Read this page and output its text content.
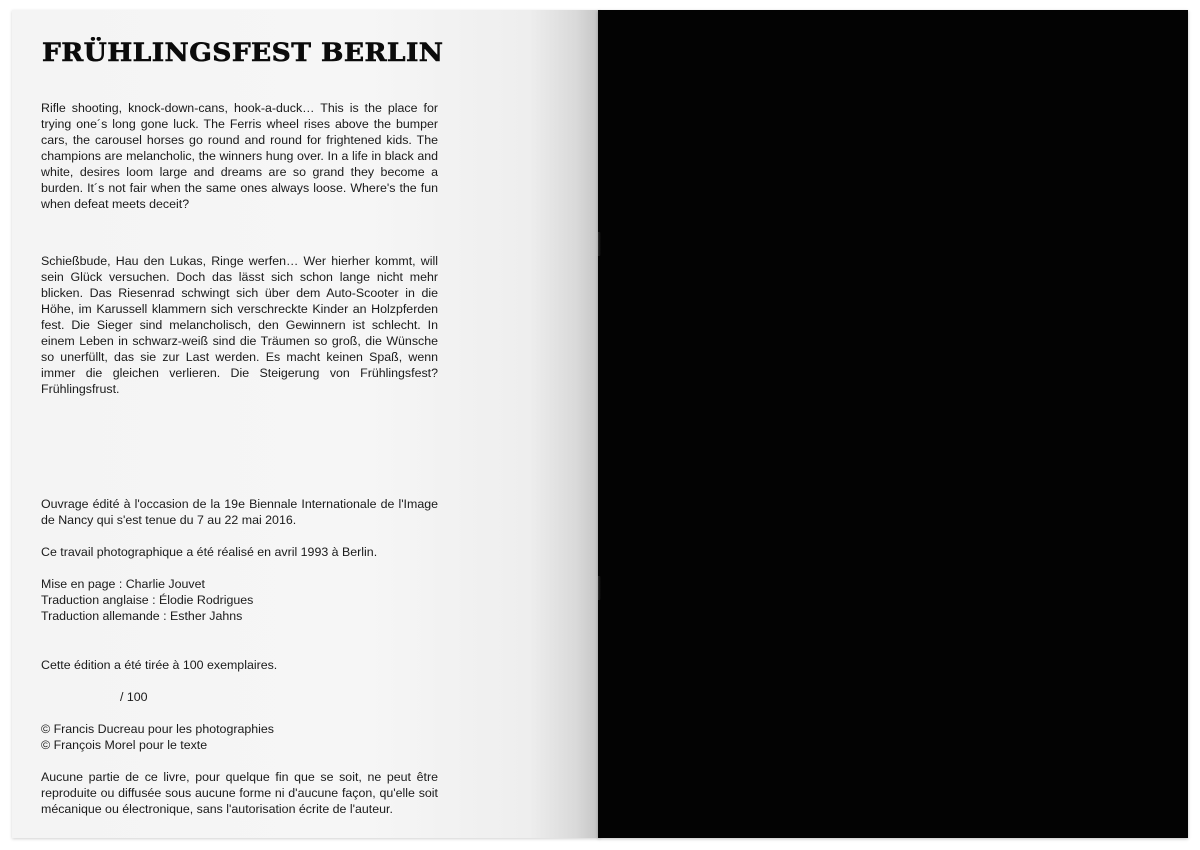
FRÜHLINGSFEST BERLIN

Rifle shooting, knock-down-cans, hook-a-duck… This is the place for trying one´s long gone luck. The Ferris wheel rises above the bumper cars, the carousel horses go round and round for frightened kids. The champions are melancholic, the winners hung over. In a life in black and white, desires loom large and dreams are so grand they become a burden. It´s not fair when the same ones always loose. Where's the fun when defeat meets deceit?

Schießbude, Hau den Lukas, Ringe werfen… Wer hierher kommt, will sein Glück versuchen. Doch das lässt sich schon lange nicht mehr blicken. Das Riesenrad schwingt sich über dem Auto-Scooter in die Höhe, im Karussell klammern sich verschreckte Kinder an Holzpferden fest. Die Sieger sind melancholisch, den Gewinnern ist schlecht. In einem Leben in schwarz-weiß sind die Träumen so groß, die Wünsche so unerfüllt, das sie zur Last werden. Es macht keinen Spaß, wenn immer die gleichen verlieren. Die Steigerung von Frühlingsfest? Frühlingsfrust.

Ouvrage édité à l'occasion de la 19e Biennale Internationale de l'Image de Nancy qui s'est tenue du 7 au 22 mai 2016.

Ce travail photographique a été réalisé en avril 1993 à Berlin.

Mise en page : Charlie Jouvet

Traduction anglaise : Élodie Rodrigues

Traduction allemande : Esther Jahns

Cette édition a été tirée à 100 exemplaires.

/ 100

© Francis Ducreau pour les photographies

© François Morel pour le texte

Aucune partie de ce livre, pour quelque fin que se soit, ne peut être reproduite ou diffusée sous aucune forme ni d'aucune façon, qu'elle soit mécanique ou électronique, sans l'autorisation écrite de l'auteur.
